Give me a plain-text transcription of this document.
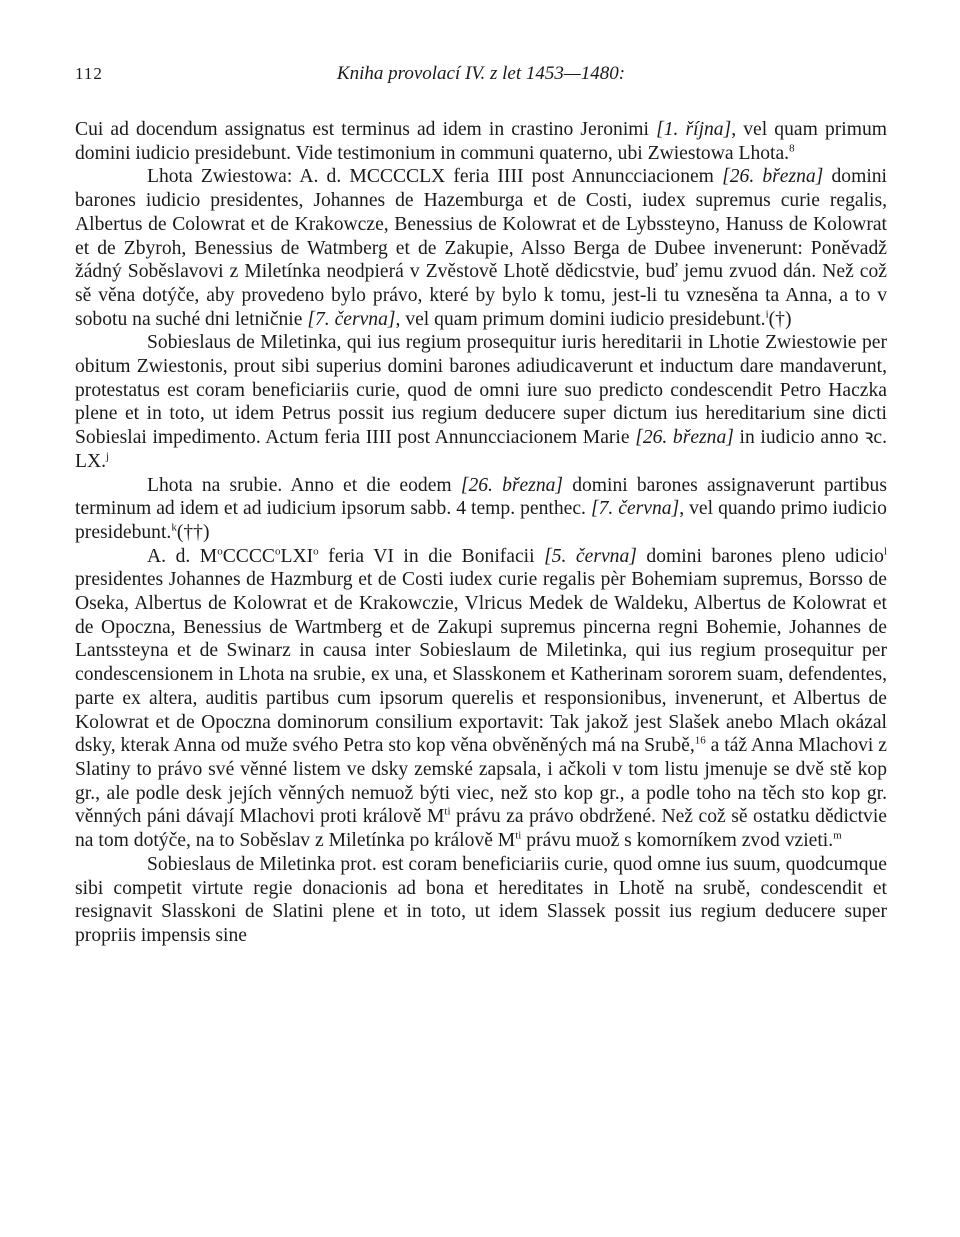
112	Kniha provolací IV. z let 1453—1480:

Cui ad docendum assignatus est terminus ad idem in crastino Jeronimi [1. října], vel quam primum domini iudicio presidebunt. Vide testimonium in communi quaterno, ubi Zwiestowa Lhota.$^8$

Lhota Zwiestowa: A. d. MCCCCLX feria IIII post Annuncciacionem [26. března] domini barones iudicio presidentes, Johannes de Hazemburga et de Costi, iudex supremus curie regalis, Albertus de Colowrat et de Krakowcze, Benessius de Kolowrat et de Lybssteyno, Hanuss de Kolowrat et de Zbyroh, Benessius de Watmberg et de Zakupie, Alsso Berga de Dubee invenerunt: Poněvadž žádný Soběslavovi z Miletínka neodpierá v Zvěstově Lhotě dědicstvie, buď jemu zvuod dán. Než což sě věna dotýče, aby provedeno bylo právo, které by bylo k tomu, jest-li tu vznesěna ta Anna, a to v sobotu na suché dni letničnie [7. června], vel quam primum domini iudicio presidebunt.$^i$(†)

Sobieslaus de Miletinka, qui ius regium prosequitur iuris hereditarii in Lhotie Zwiestowie per obitum Zwiestonis, prout sibi superius domini barones adiudicaverunt et inductum dare mandaverunt, protestatus est coram beneficiariis curie, quod de omni iure suo predicto condescendit Petro Haczka plene et in toto, ut idem Petrus possit ius regium deducere super dictum ius hereditarium sine dicti Sobieslai impedimento. Actum feria IIII post Annuncciacionem Marie [26. března] in iudicio anno ꝛc. LX.$^j$

Lhota na srubie. Anno et die eodem [26. března] domini barones assignaverunt partibus terminum ad idem et ad iudicium ipsorum sabb. 4 temp. penthec. [7. června], vel quando primo iudicio presidebunt.$^k$(††)

A. d. $M^oCCCC^oLXI^o$ feria VI in die Bonifacii [5. června] domini barones pleno udicio$^l$ presidentes Johannes de Hazmburg et de Costi iudex curie regalis pèr Bohemiam supremus, Borsso de Oseka, Albertus de Kolowrat et de Krakowczie, Vlricus Medek de Waldeku, Albertus de Kolowrat et de Opoczna, Benessius de Wartmberg et de Zakupi supremus pincerna regni Bohemie, Johannes de Lantssteyna et de Swinarz in causa inter Sobieslaum de Miletinka, qui ius regium prosequitur per condescensionem in Lhota na srubie, ex una, et Slasskonem et Katherinam sororem suam, defendentes, parte ex altera, auditis partibus cum ipsorum querelis et responsionibus, invenerunt, et Albertus de Kolowrat et de Opoczna dominorum consilium exportavit: Tak jakož jest Slašek anebo Mlach okázal dsky, kterak Anna od muže svého Petra sto kop věna obvěněných má na Srubě,$^{16}$ a táž Anna Mlachovi z Slatiny to právo své věnné listem ve dsky zemské zapsala, i ačkoli v tom listu jmenuje se dvě stě kop gr., ale podle desk jejích věnných nemuož býti viec, než sto kop gr., a podle toho na těch sto kop gr. věnných páni dávají Mlachovi proti králově $M^{ti}$ právu za právo obdržené. Než což sě ostatku dědictvie na tom dotýče, na to Soběslav z Miletínka po králově $M^{ti}$ právu muož s komorníkem zvod vzieti.$^m$

Sobieslaus de Miletinka prot. est coram beneficiariis curie, quod omne ius suum, quodcumque sibi competit virtute regie donacionis ad bona et hereditates in Lhotě na srubě, condescendit et resignavit Slasskoni de Slatini plene et in toto, ut idem Slassek possit ius regium deducere super propriis impensis sine
